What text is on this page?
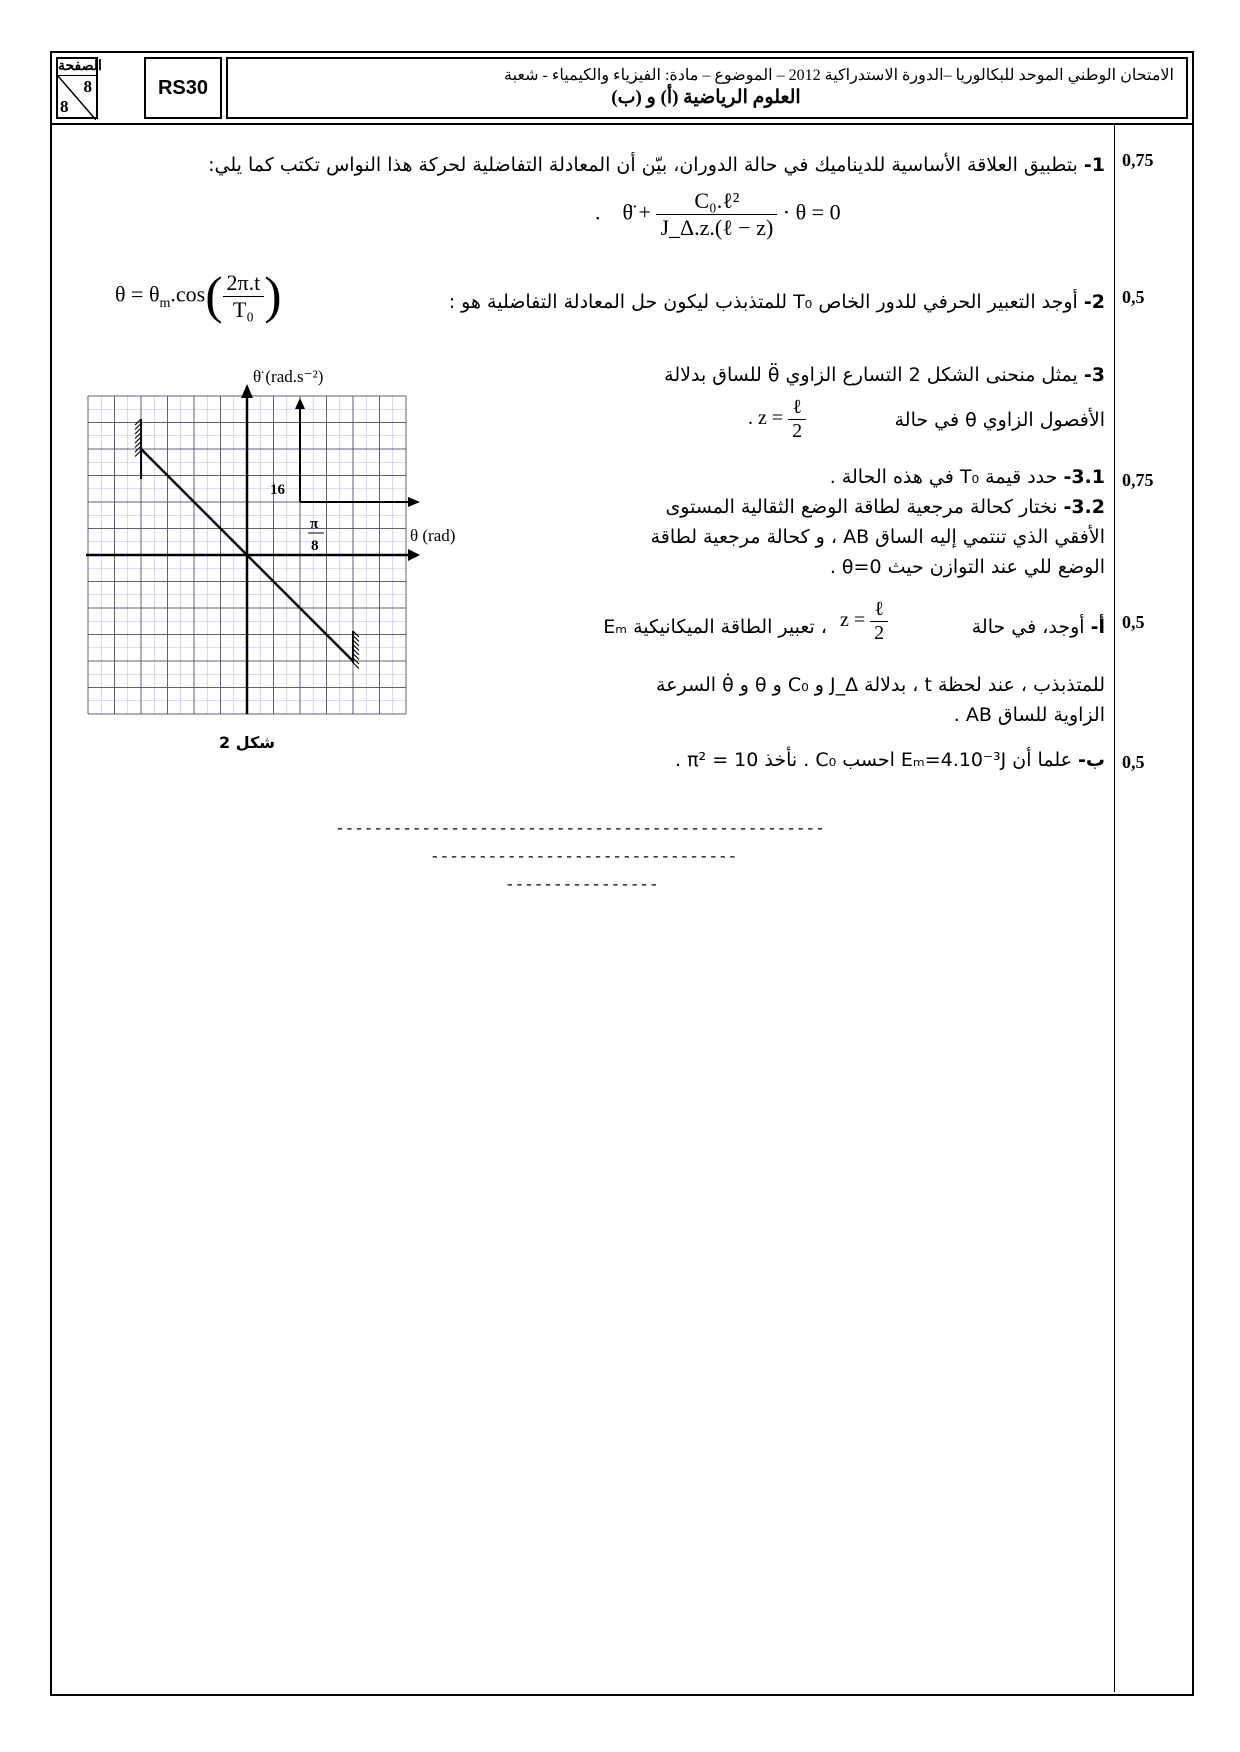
الصفحة
8
8
RS30
الامتحان الوطني الموحد للبكالوريا –الدورة الاستدراكية 2012 – الموضوع – مادة: الفيزياء والكيمياء - شعبة
العلوم الرياضية (أ) و (ب)
0,75
0,5
0,75
0,5
0,5
1- بتطبيق العلاقة الأساسية للديناميك في حالة الدوران، بيّن أن المعادلة التفاضلية لحركة هذا النواس تكتب كما يلي:
. θ̈ + $\frac{\text{C₀.ℓ²}}{\text{J\_Δ.z.(ℓ − z)}} \cdot \theta = 0$
2- أوجد التعبير الحرفي للدور الخاص T₀ للمتذبذب ليكون حل المعادلة التفاضلية هو :
$\theta = \theta_m.\cos( \frac{2\pi.t}{\text{T₀}}$ )
3- يمثل منحنى الشكل 2 التسارع الزاوي θ̈ للساق بدلالة
الأفصول الزاوي θ في حالة
. $z = \frac{\text{ℓ}}{2}$
3.1- حدد قيمة T₀ في هذه الحالة .
3.2- نختار كحالة مرجعية لطاقة الوضع الثقالية المستوى
الأفقي الذي تنتمي إليه الساق AB ، و كحالة مرجعية لطاقة
الوضع للي عند التوازن حيث θ=0 .
أ- أوجد، في حالة
$z = \frac{\text{ℓ}}{2}$
، تعبير الطاقة الميكانيكية Eₘ
للمتذبذب ، عند لحظة t ، بدلالة J_Δ و C₀ و θ و θ̇ السرعة
الزاوية للساق AB .
ب- علما أن Eₘ=4.10⁻³J احسب C₀ . نأخذ π² = 10 .
16
π
8
θ̈ (rad.s⁻²)
θ (rad)
شكل 2
---------------------------------------------------
--------------------------------
----------------
